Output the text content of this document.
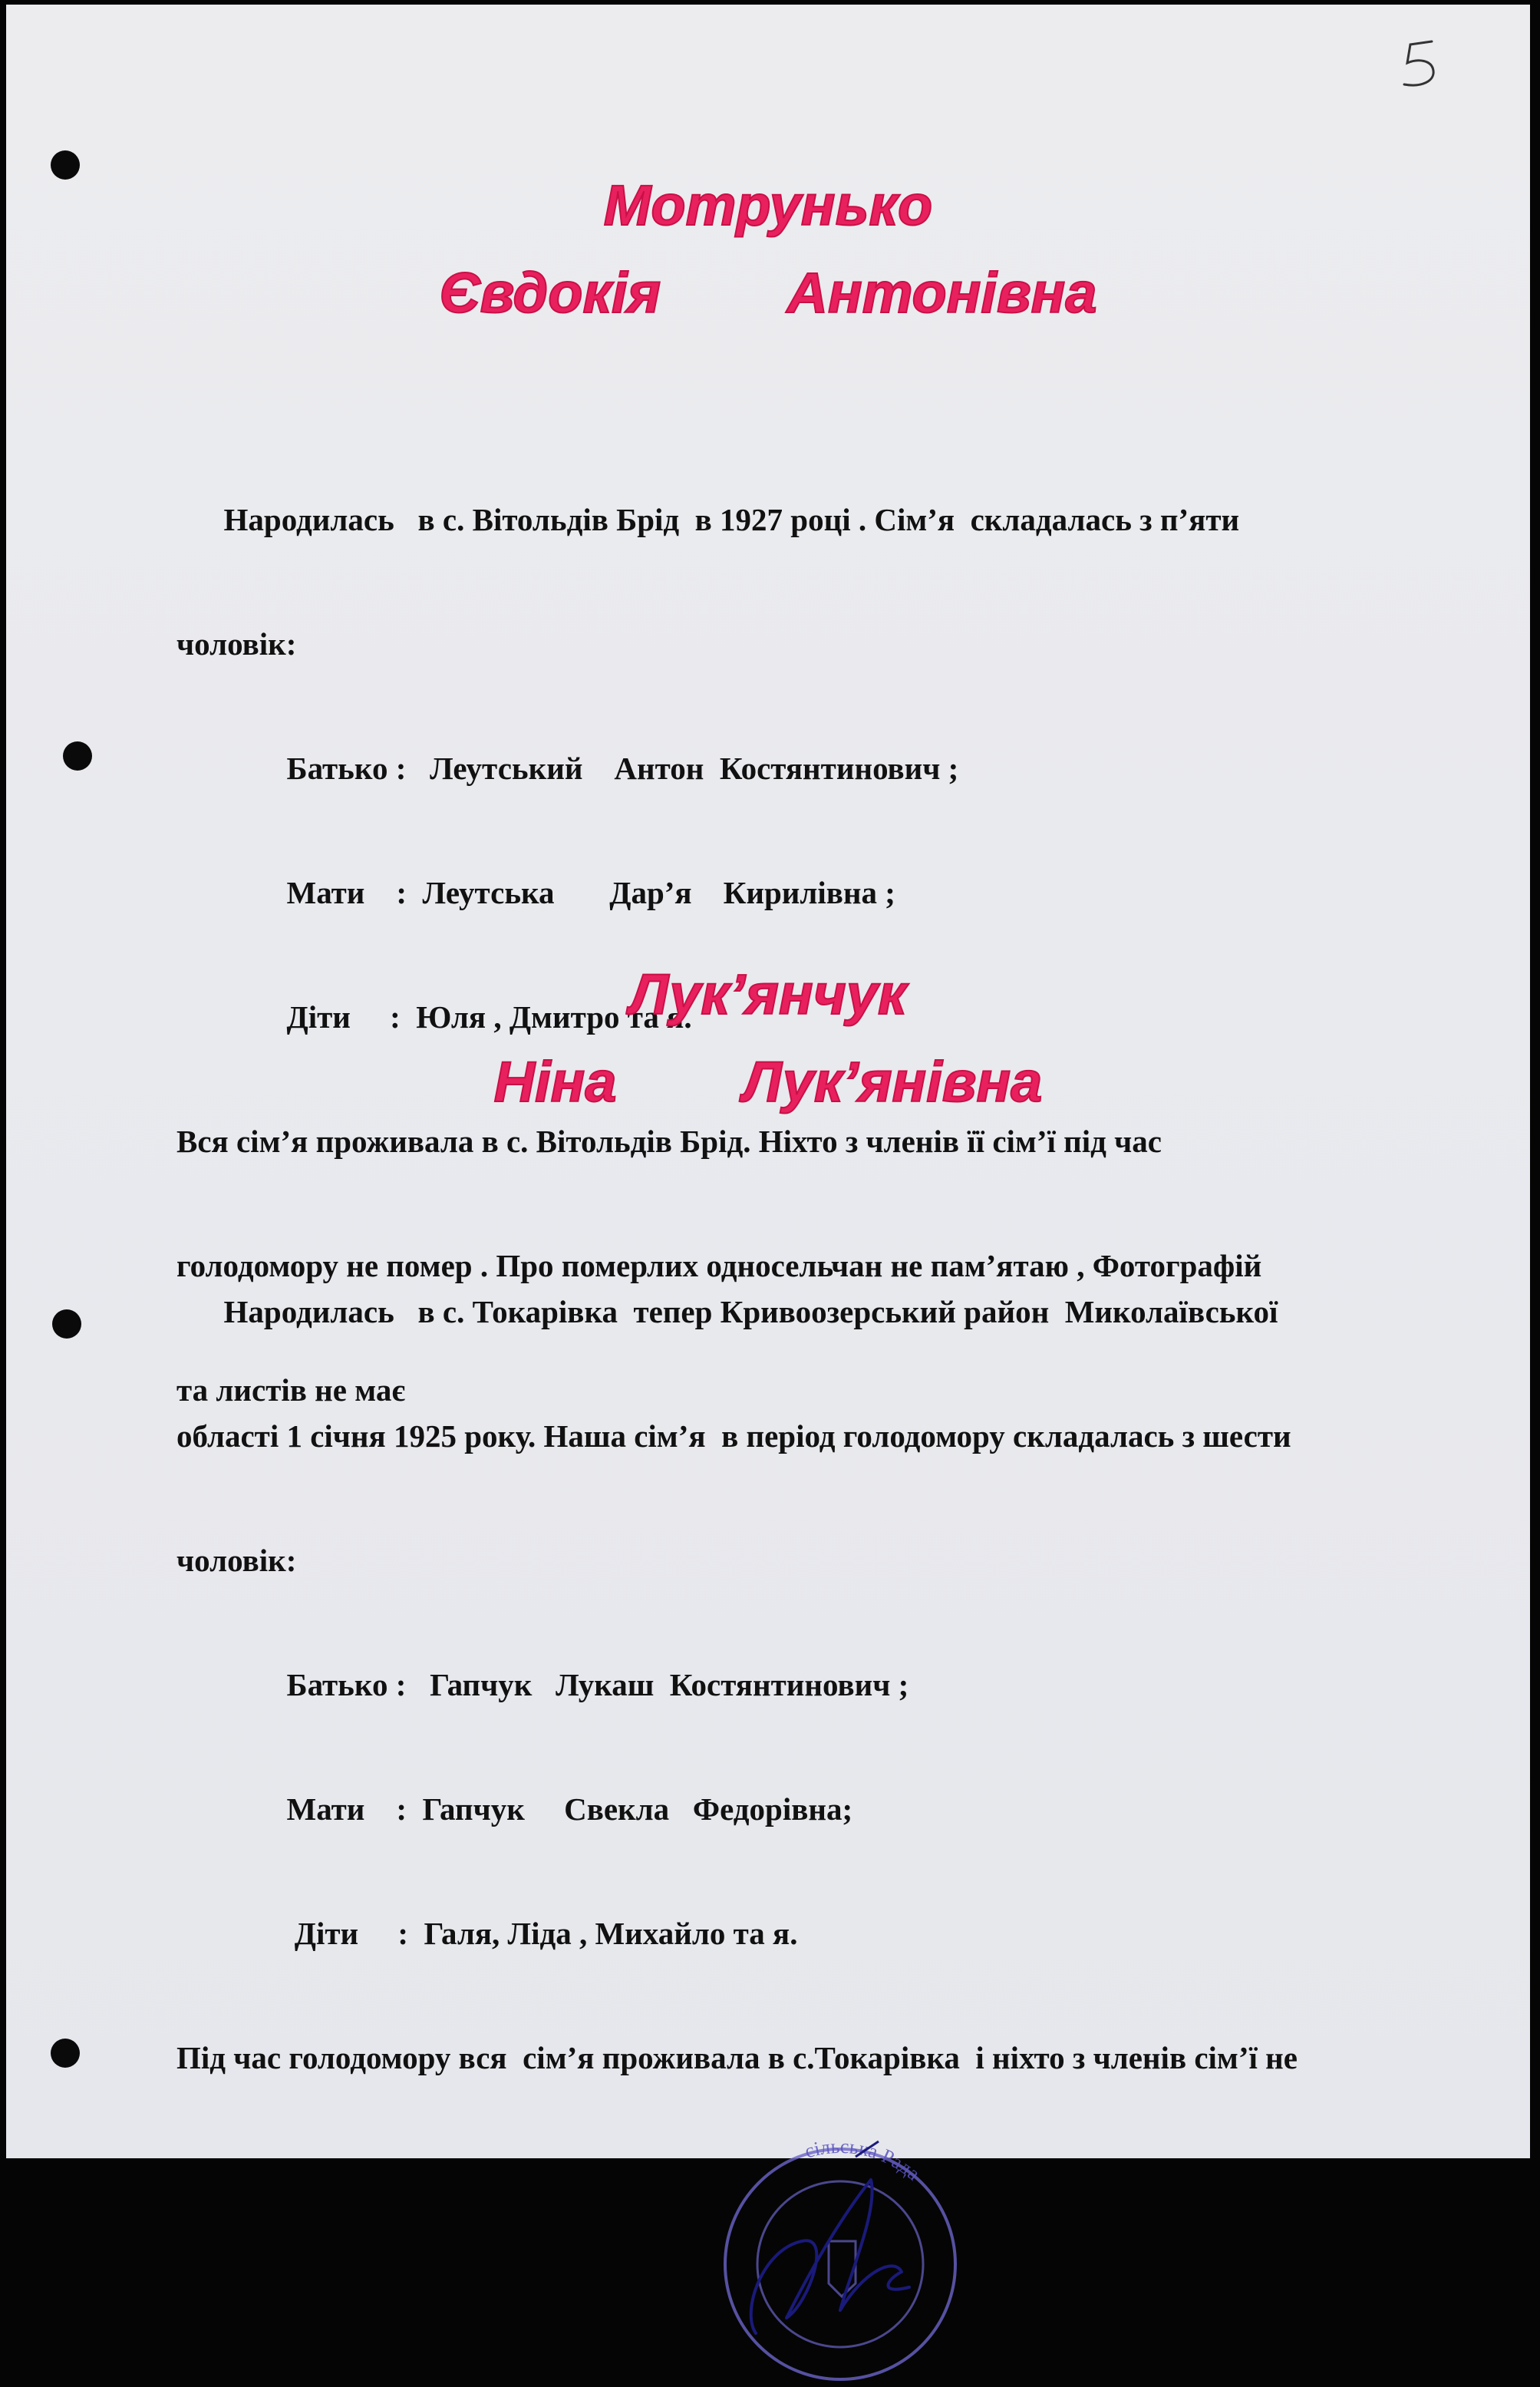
Мотрунько
Євдокія        Антонівна

Народилась   в с. Вітольдів Брід  в 1927 році . Сім’я  складалась з п’яти

чоловік:

Батько :   Леутський    Антон  Костянтинович ;

Мати    :  Леутська       Дар’я    Кирилівна ;

Діти     :  Юля , Дмитро та я.

Вся сім’я проживала в с. Вітольдів Брід. Ніхто з членів її сім’ї під час

голодомору не помер . Про померлих односельчан не пам’ятаю , Фотографій

та листів не має

Лук’янчук
Ніна        Лук’янівна

Народилась   в с. Токарівка  тепер Кривоозерський район  Миколаївської

області 1 січня 1925 року. Наша сім’я  в період голодомору складалась з шести

чоловік:

Батько :   Гапчук   Лукаш  Костянтинович ;

Мати    :  Гапчук     Свекла   Федорівна;

Діти     :  Галя, Ліда , Михайло та я.

Під час голодомору вся  сім’я проживала в с.Токарівка  і ніхто з членів сім’ї не

сільська Рада
